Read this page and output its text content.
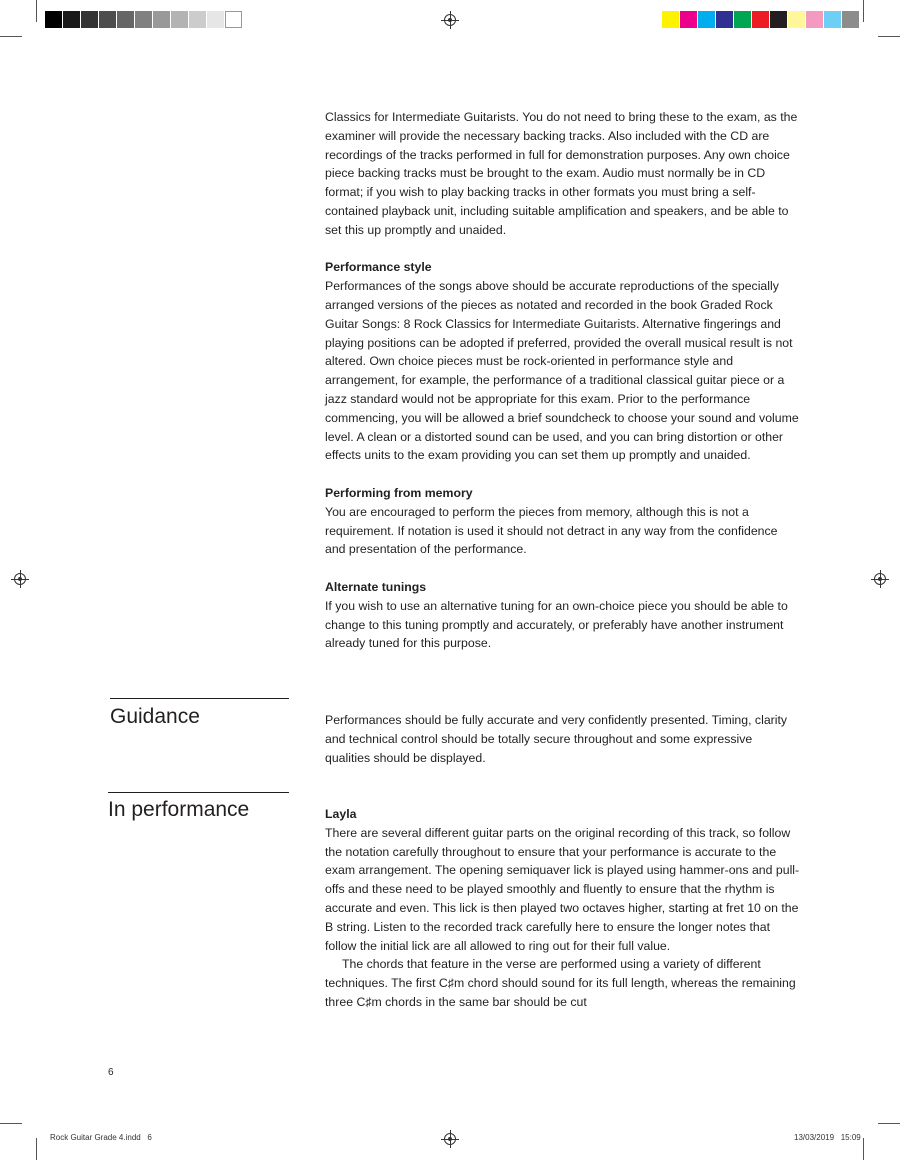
Classics for Intermediate Guitarists. You do not need to bring these to the exam, as the examiner will provide the necessary backing tracks. Also included with the CD are recordings of the tracks performed in full for demonstration purposes. Any own choice piece backing tracks must be brought to the exam. Audio must normally be in CD format; if you wish to play backing tracks in other formats you must bring a self-contained playback unit, including suitable amplification and speakers, and be able to set this up promptly and unaided.

Performance style

Performances of the songs above should be accurate reproductions of the specially arranged versions of the pieces as notated and recorded in the book Graded Rock Guitar Songs: 8 Rock Classics for Intermediate Guitarists. Alternative fingerings and playing positions can be adopted if preferred, provided the overall musical result is not altered. Own choice pieces must be rock-oriented in performance style and arrangement, for example, the performance of a traditional classical guitar piece or a jazz standard would not be appropriate for this exam. Prior to the performance commencing, you will be allowed a brief soundcheck to choose your sound and volume level. A clean or a distorted sound can be used, and you can bring distortion or other effects units to the exam providing you can set them up promptly and unaided.

Performing from memory

You are encouraged to perform the pieces from memory, although this is not a requirement. If notation is used it should not detract in any way from the confidence and presentation of the performance.

Alternate tunings

If you wish to use an alternative tuning for an own-choice piece you should be able to change to this tuning promptly and accurately, or preferably have another instrument already tuned for this purpose.

Guidance	Performances should be fully accurate and very confidently presented. Timing, clarity and technical control should be totally secure throughout and some expressive qualities should be displayed.

In performance	Layla

There are several different guitar parts on the original recording of this track, so follow the notation carefully throughout to ensure that your performance is accurate to the exam arrangement. The opening semiquaver lick is played using hammer-ons and pull-offs and these need to be played smoothly and fluently to ensure that the rhythm is accurate and even. This lick is then played two octaves higher, starting at fret 10 on the B string. Listen to the recorded track carefully here to ensure the longer notes that follow the initial lick are all allowed to ring out for their full value.

The chords that feature in the verse are performed using a variety of different techniques. The first C♯m chord should sound for its full length, whereas the remaining three C♯m chords in the same bar should be cut

6
Rock Guitar Grade 4.indd   6	13/03/2019   15:09
